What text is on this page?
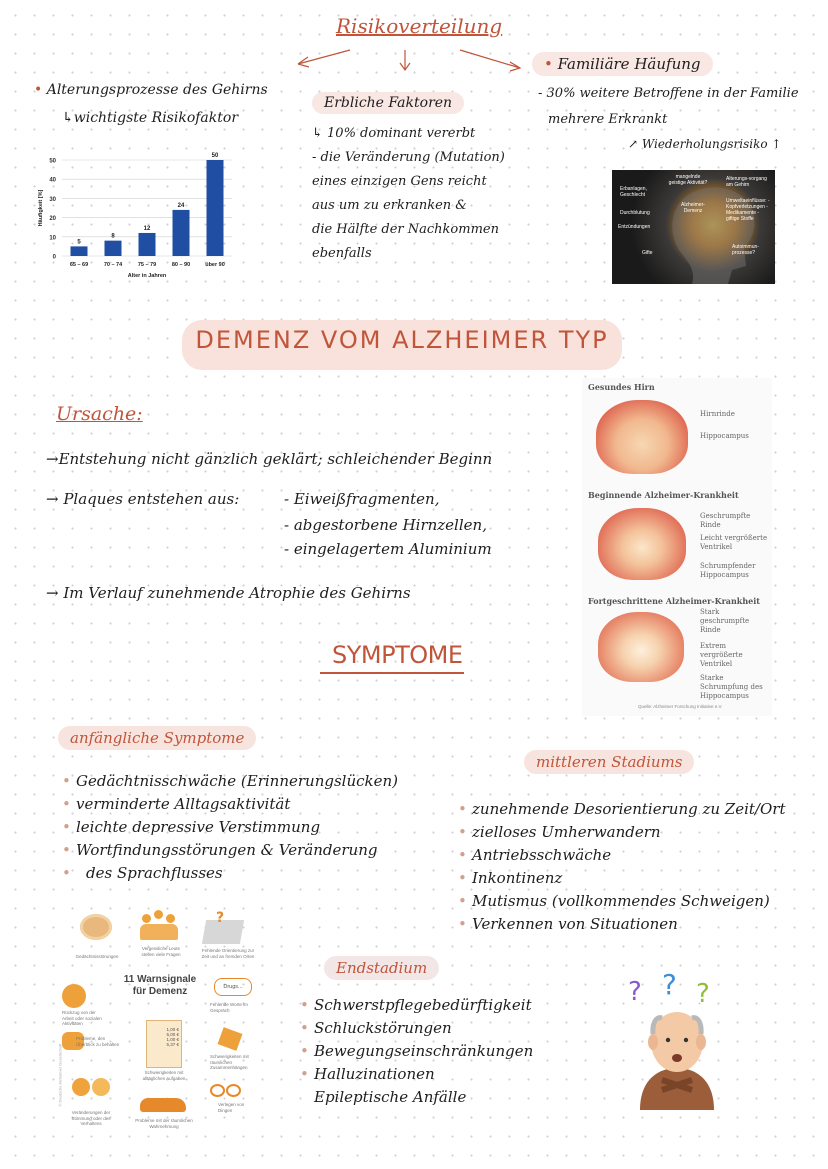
Risikoverteilung
• Alterungsprozesse des Gehirns
↳wichtigste Risikofaktor
0
10
20
30
40
50
5
65 – 69
8
70 – 74
12
75 – 79
24
80 – 90
50
über 90
Alter in Jahren
Häufigkeit [%]
Erbliche Faktoren
↳ 10% dominant vererbt
- die Veränderung (Mutation)
eines einzigen Gens reicht
aus um zu erkranken &
die Hälfte der Nachkommen
ebenfalls
• Familiäre Häufung
- 30% weitere Betroffene in der Familie
mehrere Erkrankt
↗ Wiederholungsrisiko ↑
Erbanlagen, Geschlecht
mangelnde geistige Aktivität?
Alterungs-vorgang am Gehirn
Durchblutung
Alzheimer-Demenz
Umweltaeinflüsse: -Kopfverletzungen -Medikamente -giftige Stoffe
Entzündungen
Gifte
Autoimmun-prozesse?
DEMENZ VOM ALZHEIMER TYP
Ursache:
→Entstehung nicht gänzlich geklärt; schleichender Beginn
→ Plaques entstehen aus:	- Eiweißfragmenten,
- abgestorbene Hirnzellen,
- eingelagertem Aluminium
→ Im Verlauf zunehmende Atrophie des Gehirns
Gesundes Hirn
Hirnrinde
Hippocampus
Beginnende Alzheimer-Krankheit
Geschrumpfte Rinde
Leicht vergrößerte Ventrikel
Schrumpfender Hippocampus
Fortgeschrittene Alzheimer-Krankheit
Stark geschrumpfte Rinde
Extrem vergrößerte Ventrikel
Starke Schrumpfung des Hippocampus
Quelle: Alzheimer Forschung Initiative e.V.
SYMPTOME
anfängliche Symptome
• Gedächtnisschwäche (Erinnerungslücken)
• verminderte Alltagsaktivität
• leichte depressive Verstimmung
• Wortfindungsstörungen & Veränderung
• des Sprachflusses
mittleren Stadiums
• zunehmende Desorientierung zu Zeit/Ort
• zielloses Umherwandern
• Antriebsschwäche
• Inkontinenz
• Mutismus (vollkommendes Schweigen)
• Verkennen von Situationen
Endstadium
• Schwerstpflegebedürftigkeit
• Schluckstörungen
• Bewegungseinschränkungen
• Halluzinationen
Epileptische Anfälle
? ? ?
11 Warnsignale für Demenz
Gedächtnisstörungen
Vergessliche Leute stellen viele Fragen
?
Fehlende Orientierung zur Zeit und an fremden Orten
Rückzug von der Arbeit oder sozialen Aktivitäten
Drugs...
Fehlende Worte im Gespräch
Probleme, den Überblick zu behalten
1,00 €
5,00 €
1,00 €
5,37 €
Schwierigkeiten mit alltäglichen Aufgaben
Schwierigkeiten mit räumlichen Zusammenhängen
Veränderungen der Stimmung oder des Verhaltens
Probleme mit der räumlichen Wahrnehmung
Verlegen von Dingen
© Deutsche Alzheimer Gesellschaft
